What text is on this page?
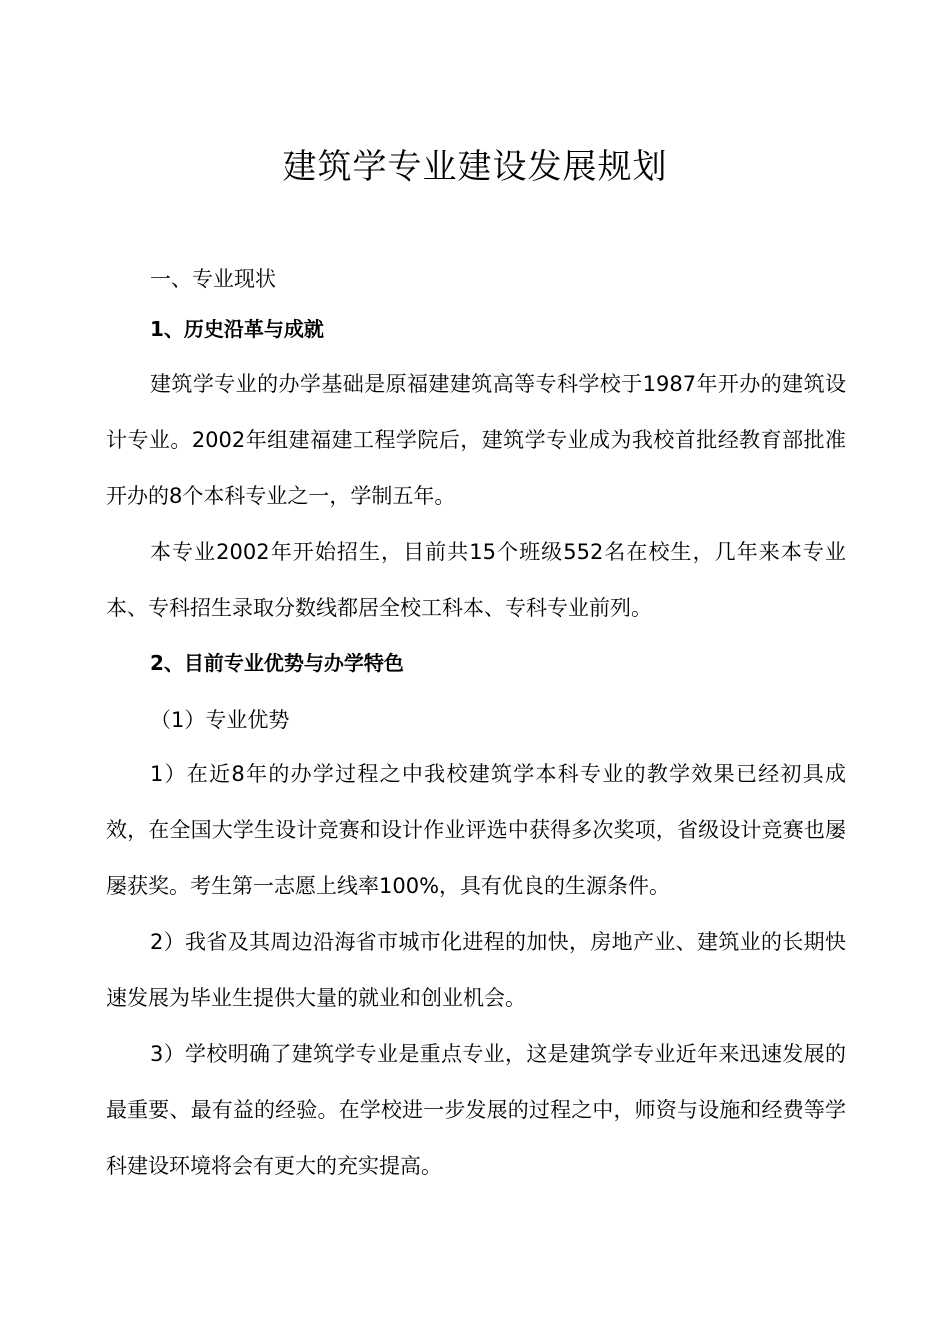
建筑学专业建设发展规划
一、专业现状
1、历史沿革与成就

建筑学专业的办学基础是原福建建筑高等专科学校于1987年开办的建筑设计专业。2002年组建福建工程学院后，建筑学专业成为我校首批经教育部批准开办的8个本科专业之一，学制五年。

本专业2002年开始招生，目前共15个班级552名在校生，几年来本专业本、专科招生录取分数线都居全校工科本、专科专业前列。

2、目前专业优势与办学特色
（1）专业优势

1）在近8年的办学过程之中我校建筑学本科专业的教学效果已经初具成效，在全国大学生设计竞赛和设计作业评选中获得多次奖项，省级设计竞赛也屡屡获奖。考生第一志愿上线率100%，具有优良的生源条件。

2）我省及其周边沿海省市城市化进程的加快，房地产业、建筑业的长期快速发展为毕业生提供大量的就业和创业机会。

3）学校明确了建筑学专业是重点专业，这是建筑学专业近年来迅速发展的最重要、最有益的经验。在学校进一步发展的过程之中，师资与设施和经费等学科建设环境将会有更大的充实提高。
